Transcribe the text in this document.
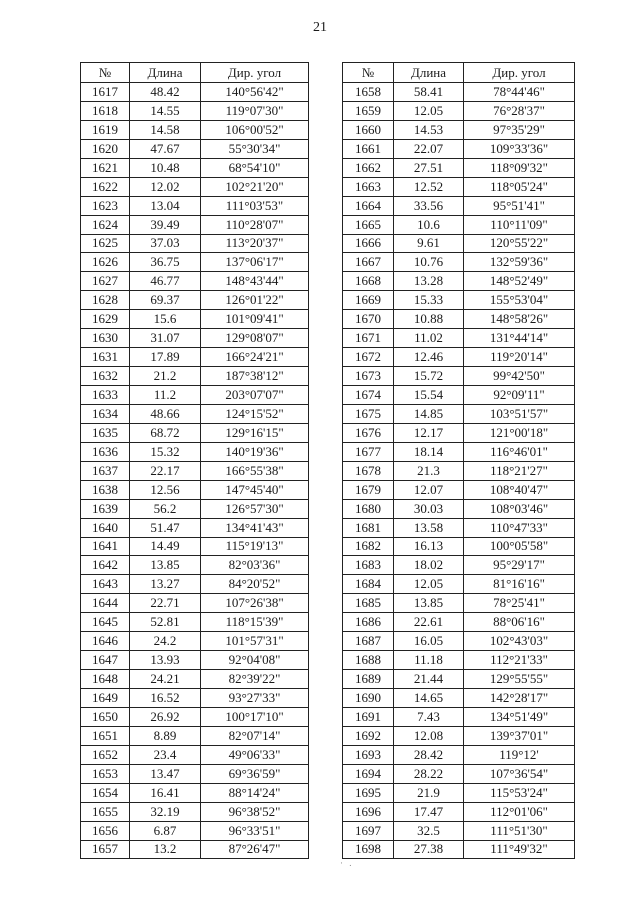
21
№	Длина	Дир. угол
1617	48.42	140°56'42"
1618	14.55	119°07'30"
1619	14.58	106°00'52"
1620	47.67	55°30'34"
1621	10.48	68°54'10"
1622	12.02	102°21'20"
1623	13.04	111°03'53"
1624	39.49	110°28'07"
1625	37.03	113°20'37"
1626	36.75	137°06'17"
1627	46.77	148°43'44"
1628	69.37	126°01'22"
1629	15.6	101°09'41"
1630	31.07	129°08'07"
1631	17.89	166°24'21"
1632	21.2	187°38'12"
1633	11.2	203°07'07"
1634	48.66	124°15'52"
1635	68.72	129°16'15"
1636	15.32	140°19'36"
1637	22.17	166°55'38"
1638	12.56	147°45'40"
1639	56.2	126°57'30"
1640	51.47	134°41'43"
1641	14.49	115°19'13"
1642	13.85	82°03'36"
1643	13.27	84°20'52"
1644	22.71	107°26'38"
1645	52.81	118°15'39"
1646	24.2	101°57'31"
1647	13.93	92°04'08"
1648	24.21	82°39'22"
1649	16.52	93°27'33"
1650	26.92	100°17'10"
1651	8.89	82°07'14"
1652	23.4	49°06'33"
1653	13.47	69°36'59"
1654	16.41	88°14'24"
1655	32.19	96°38'52"
1656	6.87	96°33'51"
1657	13.2	87°26'47"
№	Длина	Дир. угол
1658	58.41	78°44'46"
1659	12.05	76°28'37"
1660	14.53	97°35'29"
1661	22.07	109°33'36"
1662	27.51	118°09'32"
1663	12.52	118°05'24"
1664	33.56	95°51'41"
1665	10.6	110°11'09"
1666	9.61	120°55'22"
1667	10.76	132°59'36"
1668	13.28	148°52'49"
1669	15.33	155°53'04"
1670	10.88	148°58'26"
1671	11.02	131°44'14"
1672	12.46	119°20'14"
1673	15.72	99°42'50"
1674	15.54	92°09'11"
1675	14.85	103°51'57"
1676	12.17	121°00'18"
1677	18.14	116°46'01"
1678	21.3	118°21'27"
1679	12.07	108°40'47"
1680	30.03	108°03'46"
1681	13.58	110°47'33"
1682	16.13	100°05'58"
1683	18.02	95°29'17"
1684	12.05	81°16'16"
1685	13.85	78°25'41"
1686	22.61	88°06'16"
1687	16.05	102°43'03"
1688	11.18	112°21'33"
1689	21.44	129°55'55"
1690	14.65	142°28'17"
1691	7.43	134°51'49"
1692	12.08	139°37'01"
1693	28.42	119°12'
1694	28.22	107°36'54"
1695	21.9	115°53'24"
1696	17.47	112°01'06"
1697	32.5	111°51'30"
1698	27.38	111°49'32"
· .
